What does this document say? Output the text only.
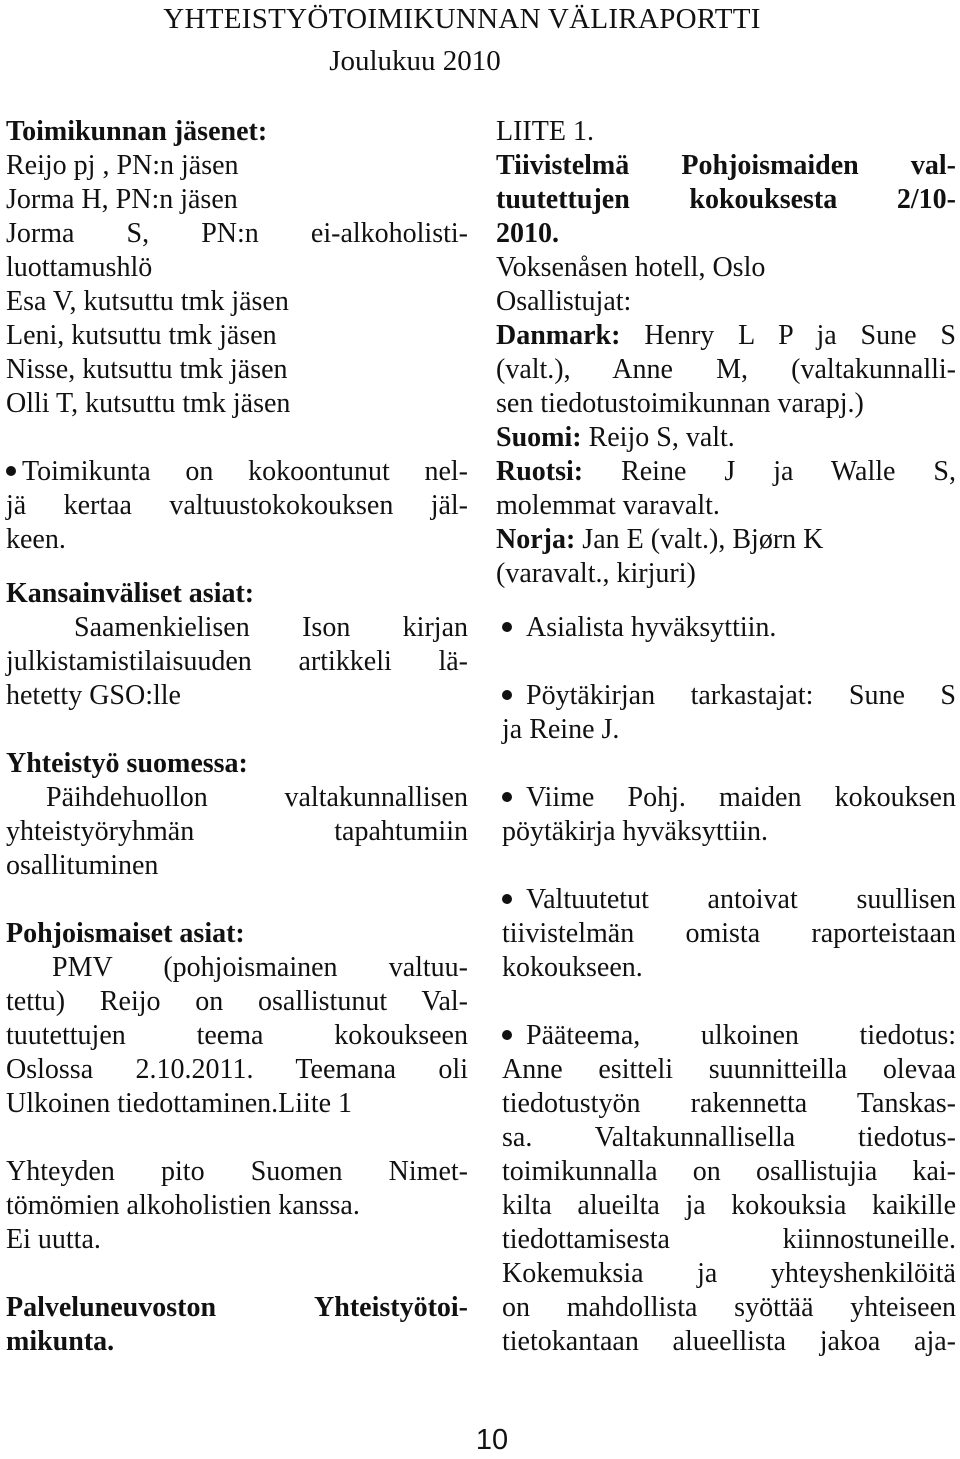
YHTEISTYÖTOIMIKUNNAN VÄLIRAPORTTI
Joulukuu 2010
Toimikunnan jäsenet:
Reijo pj , PN:n jäsen
Jorma H, PN:n jäsen
Jorma S, PN:n ei-alkoholisti-
luottamushlö
Esa V, kutsuttu tmk jäsen
Leni, kutsuttu tmk jäsen
Nisse, kutsuttu tmk jäsen
Olli T, kutsuttu tmk jäsen
Toimikunta on kokoontunut nel-
jä kertaa valtuustokokouksen jäl-
keen.
Kansainväliset asiat:
Saamenkielisen Ison kirjan
julkistamistilaisuuden artikkeli lä-
hetetty GSO:lle
Yhteistyö suomessa:
Päihdehuollon valtakunnallisen
yhteistyöryhmän tapahtumiin
osallituminen
Pohjoismaiset asiat:
PMV (pohjoismainen valtuu-
tettu) Reijo on osallistunut Val-
tuutettujen teema kokoukseen
Oslossa 2.10.2011. Teemana oli
Ulkoinen tiedottaminen.Liite 1
Yhteyden pito Suomen Nimet-
tömömien alkoholistien kanssa.
Ei uutta.
Palveluneuvoston Yhteistyötoi-
mikunta.
LIITE 1.
Tiivistelmä Pohjoismaiden val-
tuutettujen kokouksesta 2/10-
2010.
Voksenåsen hotell, Oslo
Osallistujat:
Danmark: Henry L P ja Sune S
(valt.), Anne M, (valtakunnalli-
sen tiedotustoimikunnan varapj.)
Suomi: Reijo S, valt.
Ruotsi: Reine J ja Walle S,
molemmat varavalt.
Norja: Jan E (valt.), Bjørn K
(varavalt., kirjuri)
Asialista hyväksyttiin.
Pöytäkirjan tarkastajat: Sune S
ja Reine J.
Viime Pohj. maiden kokouksen
pöytäkirja hyväksyttiin.
Valtuutetut antoivat suullisen
tiivistelmän omista raporteistaan
kokoukseen.
Pääteema, ulkoinen tiedotus:
Anne esitteli suunnitteilla olevaa
tiedotustyön rakennetta Tanskas-
sa. Valtakunnallisella tiedotus-
toimikunnalla on osallistujia kai-
kilta alueilta ja kokouksia kaikille
tiedottamisesta kiinnostuneille.
Kokemuksia ja yhteyshenkilöitä
on mahdollista syöttää yhteiseen
tietokantaan alueellista jakoa aja-
10
